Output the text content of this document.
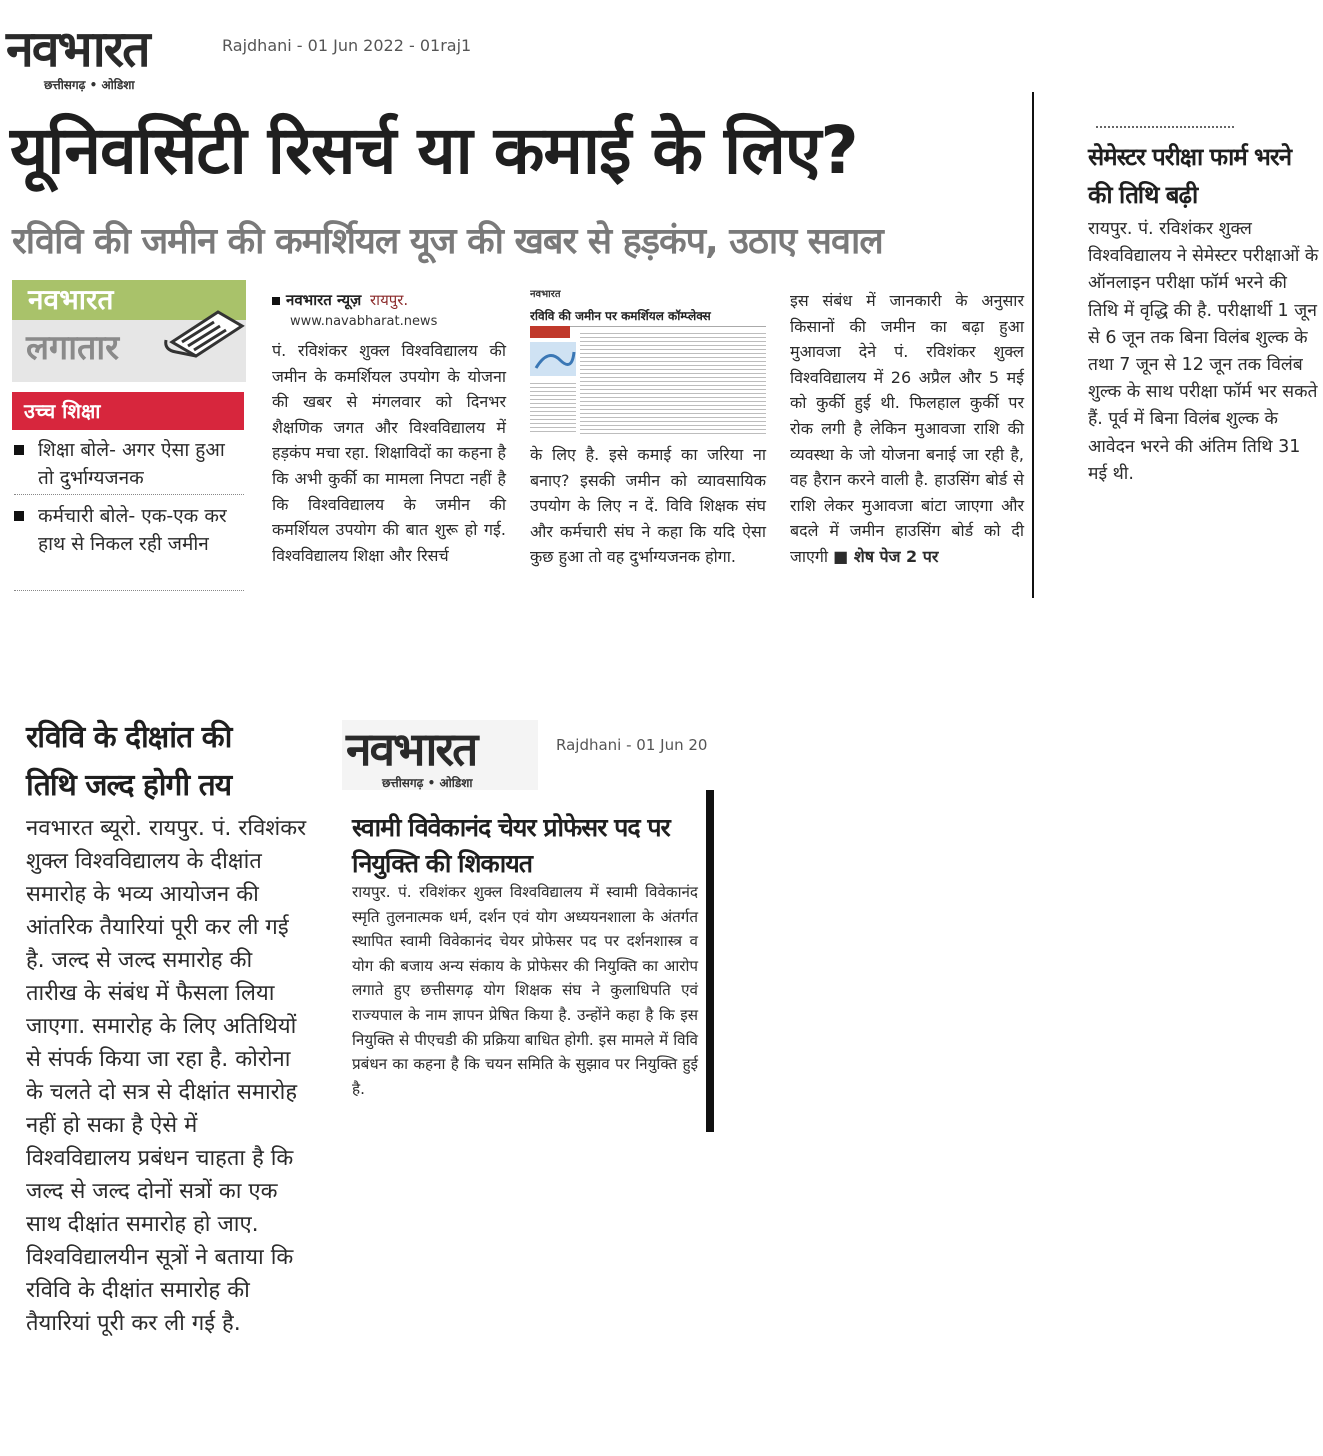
नवभारत
छत्तीसगढ़ • ओडिशा
Rajdhani - 01 Jun 2022 - 01raj1
यूनिवर्सिटी रिसर्च या कमाई के लिए?
रविवि की जमीन की कमर्शियल यूज की खबर से हड़कंप, उठाए सवाल
नवभारत
लगातार
उच्च शिक्षा
शिक्षा बोले- अगर ऐसा हुआ तो दुर्भाग्यजनक
कर्मचारी बोले- एक-एक कर हाथ से निकल रही जमीन
नवभारत न्यूज़ रायपुर.
www.navabharat.news
पं. रविशंकर शुक्ल विश्वविद्यालय की जमीन के कमर्शियल उपयोग के योजना की खबर से मंगलवार को दिनभर शैक्षणिक जगत और विश्वविद्यालय में हड़कंप मचा रहा. शिक्षाविदों का कहना है कि अभी कुर्की का मामला निपटा नहीं है कि विश्वविद्यालय के जमीन की कमर्शियल उपयोग की बात शुरू हो गई. विश्वविद्यालय शिक्षा और रिसर्च
नवभारत
रविवि की जमीन पर कमर्शियल कॉम्प्लेक्स
के लिए है. इसे कमाई का जरिया ना बनाए? इसकी जमीन को व्यावसायिक उपयोग के लिए न दें. विवि शिक्षक संघ और कर्मचारी संघ ने कहा कि यदि ऐसा कुछ हुआ तो वह दुर्भाग्यजनक होगा.
इस संबंध में जानकारी के अनुसार किसानों की जमीन का बढ़ा हुआ मुआवजा देने पं. रविशंकर शुक्ल विश्वविद्यालय में 26 अप्रैल और 5 मई को कुर्की हुई थी. फिलहाल कुर्की पर रोक लगी है लेकिन मुआवजा राशि की व्यवस्था के जो योजना बनाई जा रही है, वह हैरान करने वाली है. हाउसिंग बोर्ड से राशि लेकर मुआवजा बांटा जाएगा और बदले में जमीन हाउसिंग बोर्ड को दी जाएगी ■ शेष पेज 2 पर
सेमेस्टर परीक्षा फार्म भरने की तिथि बढ़ी
रायपुर. पं. रविशंकर शुक्ल विश्वविद्यालय ने सेमेस्टर परीक्षाओं के ऑनलाइन परीक्षा फॉर्म भरने की तिथि में वृद्धि की है. परीक्षार्थी 1 जून से 6 जून तक बिना विलंब शुल्क के तथा 7 जून से 12 जून तक विलंब शुल्क के साथ परीक्षा फॉर्म भर सकते हैं. पूर्व में बिना विलंब शुल्क के आवेदन भरने की अंतिम तिथि 31 मई थी.
रविवि के दीक्षांत की तिथि जल्द होगी तय
नवभारत ब्यूरो. रायपुर. पं. रविशंकर शुक्ल विश्वविद्यालय के दीक्षांत समारोह के भव्य आयोजन की आंतरिक तैयारियां पूरी कर ली गई है. जल्द से जल्द समारोह की तारीख के संबंध में फैसला लिया जाएगा. समारोह के लिए अतिथियों से संपर्क किया जा रहा है. कोरोना के चलते दो सत्र से दीक्षांत समारोह नहीं हो सका है ऐसे में विश्वविद्यालय प्रबंधन चाहता है कि जल्द से जल्द दोनों सत्रों का एक साथ दीक्षांत समारोह हो जाए. विश्वविद्यालयीन सूत्रों ने बताया कि रविवि के दीक्षांत समारोह की तैयारियां पूरी कर ली गई है.
नवभारत
छत्तीसगढ़ • ओडिशा
Rajdhani - 01 Jun 20
स्वामी विवेकानंद चेयर प्रोफेसर पद पर नियुक्ति की शिकायत
रायपुर. पं. रविशंकर शुक्ल विश्वविद्यालय में स्वामी विवेकानंद स्मृति तुलनात्मक धर्म, दर्शन एवं योग अध्ययनशाला के अंतर्गत स्थापित स्वामी विवेकानंद चेयर प्रोफेसर पद पर दर्शनशास्त्र व योग की बजाय अन्य संकाय के प्रोफेसर की नियुक्ति का आरोप लगाते हुए छत्तीसगढ़ योग शिक्षक संघ ने कुलाधिपति एवं राज्यपाल के नाम ज्ञापन प्रेषित किया है. उन्होंने कहा है कि इस नियुक्ति से पीएचडी की प्रक्रिया बाधित होगी. इस मामले में विवि प्रबंधन का कहना है कि चयन समिति के सुझाव पर नियुक्ति हुई है.
